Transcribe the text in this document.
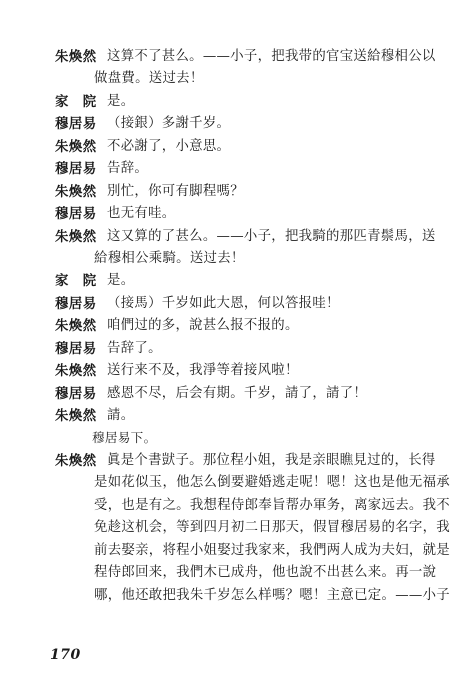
朱煥然 这算不了甚么。——小子，把我带的官宝送給穆相公以
做盘費。送过去！
家　院 是。
穆居易 （接銀）多謝千岁。
朱煥然 不必謝了，小意思。
穆居易 告辞。
朱煥然 別忙，你可有脚程嗎？
穆居易 也无有哇。
朱煥然 这又算的了甚么。——小子，把我騎的那匹青鬃馬，送
給穆相公乘騎。送过去！
家　院 是。
穆居易 （接馬）千岁如此大恩，何以答报哇！
朱煥然 咱們过的多，說甚么报不报的。
穆居易 告辞了。
朱煥然 送行来不及，我淨等着接风啦！
穆居易 感恩不尽，后会有期。千岁，請了，請了！
朱煥然 請。
穆居易下。
朱煥然 眞是个書獃子。那位程小姐，我是亲眼瞧見过的，长得
是如花似玉，他怎么倒要避婚逃走呢！嗯！这也是他无福承
受，也是有之。我想程侍郎奉旨帮办軍务，离家远去。我不
免趁这机会，等到四月初二日那天，假冒穆居易的名字，我
前去娶亲，将程小姐娶过我家来，我們两人成为夫妇，就是
程侍郎回来，我們木已成舟，他也說不出甚么来。再一說
哪，他还敢把我朱千岁怎么样嗎？嗯！主意已定。——小子
170
